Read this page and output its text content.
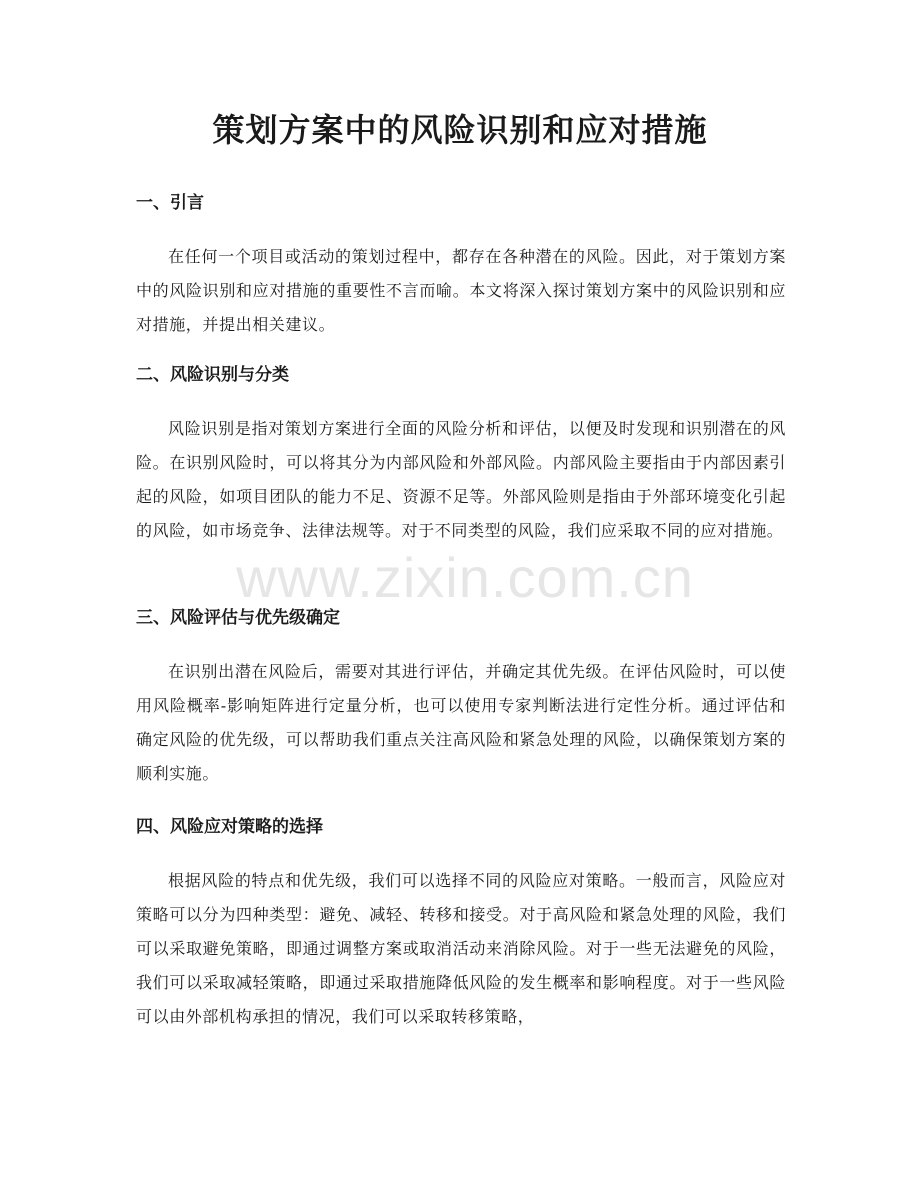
策划方案中的风险识别和应对措施
一、引言

在任何一个项目或活动的策划过程中，都存在各种潜在的风险。因此，对于策划方案中的风险识别和应对措施的重要性不言而喻。本文将深入探讨策划方案中的风险识别和应对措施，并提出相关建议。

二、风险识别与分类

风险识别是指对策划方案进行全面的风险分析和评估，以便及时发现和识别潜在的风险。在识别风险时，可以将其分为内部风险和外部风险。内部风险主要指由于内部因素引起的风险，如项目团队的能力不足、资源不足等。外部风险则是指由于外部环境变化引起的风险，如市场竞争、法律法规等。对于不同类型的风险，我们应采取不同的应对措施。

三、风险评估与优先级确定

在识别出潜在风险后，需要对其进行评估，并确定其优先级。在评估风险时，可以使用风险概率-影响矩阵进行定量分析，也可以使用专家判断法进行定性分析。通过评估和确定风险的优先级，可以帮助我们重点关注高风险和紧急处理的风险，以确保策划方案的顺利实施。

四、风险应对策略的选择

根据风险的特点和优先级，我们可以选择不同的风险应对策略。一般而言，风险应对策略可以分为四种类型：避免、减轻、转移和接受。对于高风险和紧急处理的风险，我们可以采取避免策略，即通过调整方案或取消活动来消除风险。对于一些无法避免的风险，我们可以采取减轻策略，即通过采取措施降低风险的发生概率和影响程度。对于一些风险可以由外部机构承担的情况，我们可以采取转移策略，

www.zixin.com.cn
